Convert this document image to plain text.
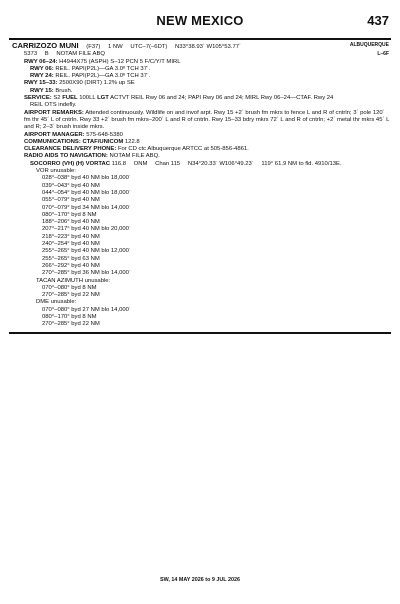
NEW MEXICO	437
ALBUQUERQUE
L–6F
CARRIZOZO MUNI (F37) 1 NW UTC–7(–6DT) N33°38.93´ W105°53.77´
5373 B NOTAM FILE ABQ
RWY 06–24: H4944X75 (ASPH) S–12 PCN 5 F/C/Y/T MIRL
RWY 06: REIL. PAPI(P2L)—GA 3.0º TCH 37´.
RWY 24: REIL. PAPI(P2L)—GA 3.0º TCH 37´.
RWY 15–33: 2500X90 (DIRT) 1.2% up SE
RWY 15: Brush.
SERVICE: S2 FUEL 100LL LGT ACTVT REIL Rwy 06 and 24; PAPI Rwy 06 and 24; MIRL Rwy 06–24—CTAF. Rwy 24
REIL OTS indefly.
AIRPORT REMARKS: Attended continuously. Wildlife on and invof arpt. Rwy 15 +2´ brush fm mkrs to fence L and R of cntrln; 3´ pole 120´ fm thr 45´ L of cntrln. Rwy 33 +2´ brush fm mkrs–200´ L and R of cntrln. Rwy 15–33 bdry mkrs 72´ L and R of cntrln; +2´ metal thr mkrs 45´ L and R; 2–3´ brush inside mkrs.
AIRPORT MANAGER: 575-648-5380
COMMUNICATIONS: CTAF/UNICOM 122.8
CLEARANCE DELIVERY PHONE: For CD ctc Albuquerque ARTCC at 505-856-4861.
RADIO AIDS TO NAVIGATION: NOTAM FILE ABQ.
SOCORRO (VH) (H) VORTAC 116.8 ONM Chan 115 N34°20.33´ W106°49.23´ 119° 61.9 NM to fld. 4910/13E.
VOR unusable:
028°–038° byd 40 NM blo 18,000´
039°–043° byd 40 NM
044°–054° byd 40 NM blo 18,000´
055°–079° byd 40 NM
070°–079° byd 34 NM blo 14,000´
080°–170° byd 8 NM
188°–206° byd 40 NM
207°–217° byd 40 NM blo 20,000´
218°–223° byd 40 NM
240°–254° byd 40 NM
255°–265° byd 40 NM blo 12,000´
255°–265° byd 63 NM
266°–292° byd 40 NM
270°–285° byd 36 NM blo 14,000´
TACAN AZIMUTH unusable:
070°–080° byd 8 NM
270°–285° byd 22 NM
DME unusable:
070°–080° byd 27 NM blo 14,000´
080°–170° byd 8 NM
270°–285° byd 22 NM
SW, 14 MAY 2026 to 9 JUL 2026
